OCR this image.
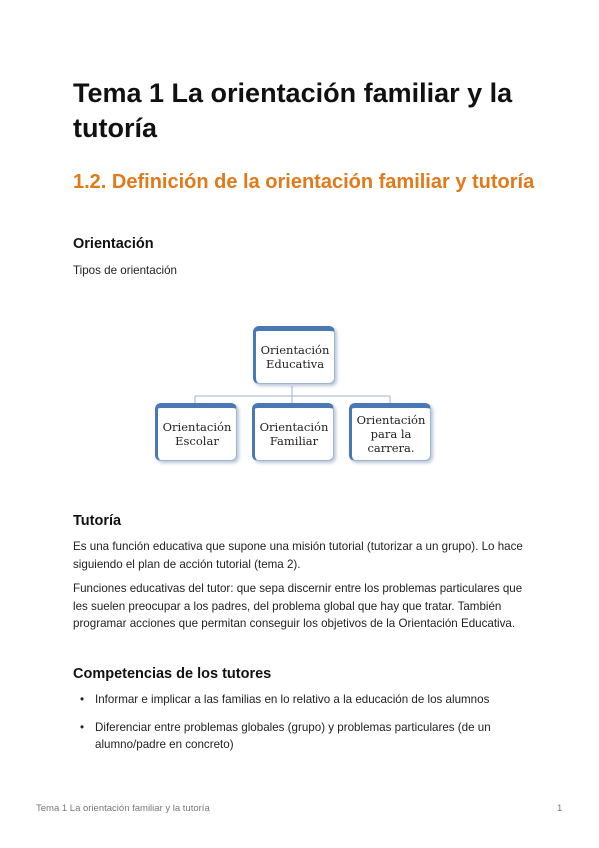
Tema 1 La orientación familiar y la tutoría
1.2. Definición de la orientación familiar y tutoría
Orientación

Tipos de orientación

Orientación
Educativa
Orientación
Escolar
Orientación
Familiar
Orientación
para la
carrera.
Tutoría

Es una función educativa que supone una misión tutorial (tutorizar a un grupo). Lo hace siguiendo el plan de acción tutorial (tema 2).

Funciones educativas del tutor: que sepa discernir entre los problemas particulares que les suelen preocupar a los padres, del problema global que hay que tratar. También programar acciones que permitan conseguir los objetivos de la Orientación Educativa.

Competencias de los tutores
• Informar e implicar a las familias en lo relativo a la educación de los alumnos
• Diferenciar entre problemas globales (grupo) y problemas particulares (de un alumno/padre en concreto)
Tema 1 La orientación familiar y la tutoría	1
